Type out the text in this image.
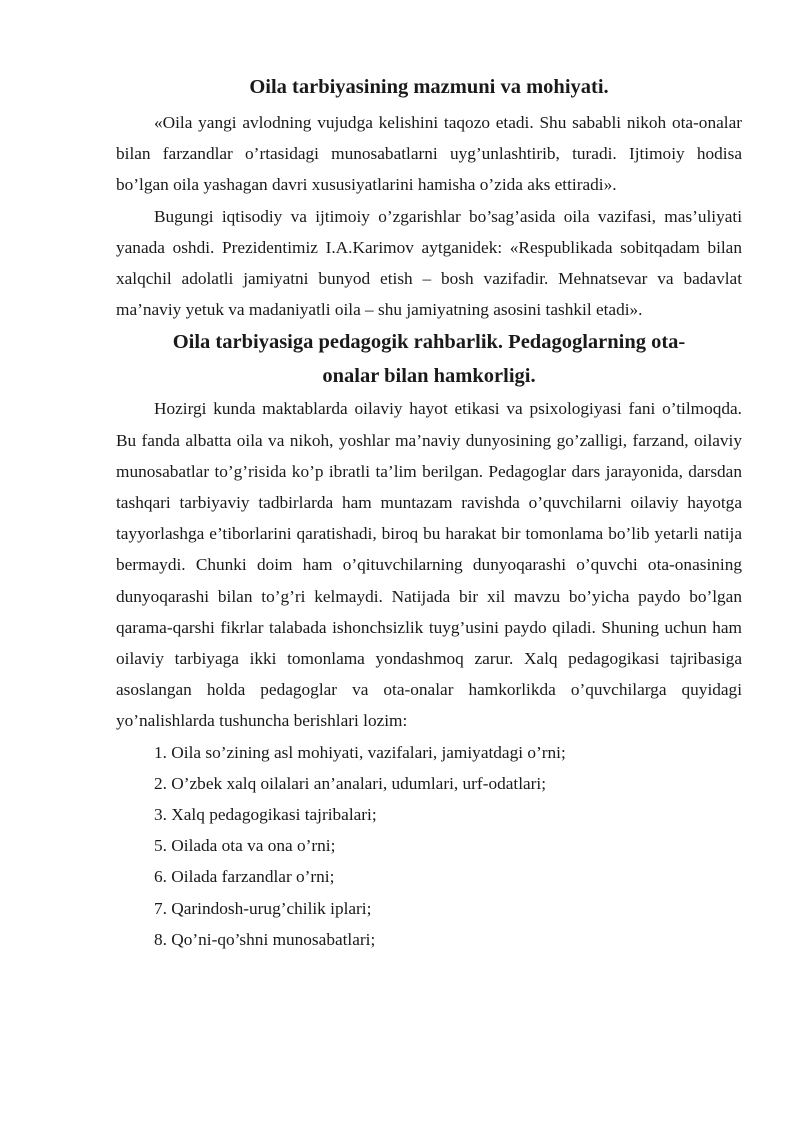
Oila tarbiyasining mazmuni va mohiyati.

«Oila yangi avlodning vujudga kelishini taqozo etadi. Shu sababli nikoh ota-onalar bilan farzandlar o’rtasidagi munosabatlarni uyg’unlashtirib, turadi. Ijtimoiy hodisa bo’lgan oila yashagan davri xususiyatlarini hamisha o’zida aks ettiradi».

Bugungi iqtisodiy va ijtimoiy o’zgarishlar bo’sag’asida oila vazifasi, mas’uliyati yanada oshdi. Prezidentimiz I.A.Karimov aytganidek: «Respublikada sobitqadam bilan xalqchil adolatli jamiyatni bunyod etish – bosh vazifadir. Mehnatsevar va badavlat ma’naviy yetuk va madaniyatli oila – shu jamiyatning asosini tashkil etadi».

Oila tarbiyasiga pedagogik rahbarlik. Pedagoglarning ota-
onalar bilan hamkorligi.

Hozirgi kunda maktablarda oilaviy hayot etikasi va psixologiyasi fani o’tilmoqda. Bu fanda albatta oila va nikoh, yoshlar ma’naviy dunyosining go’zalligi, farzand, oilaviy munosabatlar to’g’risida ko’p ibratli ta’lim berilgan. Pedagoglar dars jarayonida, darsdan tashqari tarbiyaviy tadbirlarda ham muntazam ravishda o’quvchilarni oilaviy hayotga tayyorlashga e’tiborlarini qaratishadi, biroq bu harakat bir tomonlama bo’lib yetarli natija bermaydi. Chunki doim ham o’qituvchilarning dunyoqarashi o’quvchi ota-onasining dunyoqarashi bilan to’g’ri kelmaydi. Natijada bir xil mavzu bo’yicha paydo bo’lgan qarama-qarshi fikrlar talabada ishonchsizlik tuyg’usini paydo qiladi. Shuning uchun ham oilaviy tarbiyaga ikki tomonlama yondashmoq zarur. Xalq pedagogikasi tajribasiga asoslangan holda pedagoglar va ota-onalar hamkorlikda o’quvchilarga quyidagi yo’nalishlarda tushuncha berishlari lozim:

1. Oila so’zining asl mohiyati, vazifalari, jamiyatdagi o’rni;
2. O’zbek xalq oilalari an’analari, udumlari, urf-odatlari;
3. Xalq pedagogikasi tajribalari;
5. Oilada ota va ona o’rni;
6. Oilada farzandlar o’rni;
7. Qarindosh-urug’chilik iplari;
8. Qo’ni-qo’shni munosabatlari;
